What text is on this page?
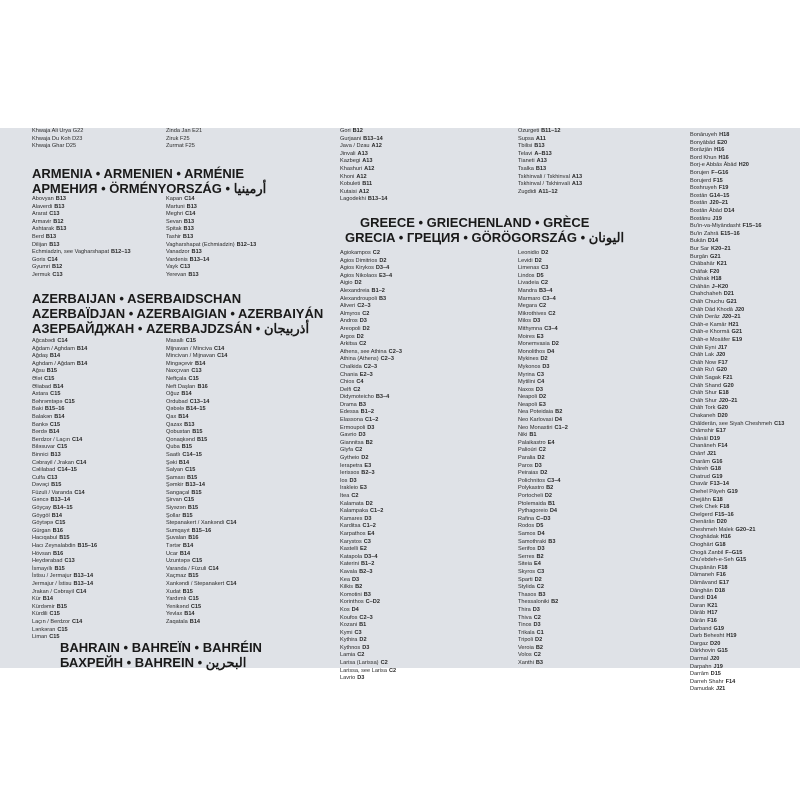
Khwaja Ali Urya G22
Khwaja Du Koh D23
Khwaja Ghar D25
Zinda Jan E21
Ziruk F25
Zurmat F25
ARMENIA • ARMENIEN • ARMÉNIE
АРМЕНИЯ • ÖRMÉNYORSZÁG • أرمينيا
Abovyan B13
Alaverdi B13
Ararat C13
Armavir B12
Ashtarak B13
Berd B13
Dilijan B13
Echmiadzin, see Vagharshapat B12–13
Goris C14
Gyumri B12
Jermuk C13
Kapan C14
Martuni B13
Meghri C14
Sevan B13
Spitak B13
Tashir B13
Vagharshapat (Echmiadzin) B12–13
Vanadzor B13
Vardenis B13–14
Vayk C13
Yerevan B13
AZERBAIJAN • ASERBAIDSCHAN
AZERBAÏDJAN • AZERBAIGIAN • AZERBAIYÁN
АЗЕРБАЙДЖАН • AZERBAJDZSÁN • أذربيجان
Ağcabədi C14
Ağdam / Aghdam B14
Ağdaş B14
Aghdam / Ağdam B14
Ağsu B15
Ələt C15
Əliabad B14
Astara C15
Bəhrəmtəpə C15
Baki B15–16
Balakən B14
Bankə C15
Bərdə B14
Berdzor / Laçın C14
Biləsuvar C15
Binnici B13
Cəbrayil / Jrakan C14
Cəlilabad C14–15
Culfa C13
Dəvəçi B15
Füzuli / Varanda C14
Gəncə B13–14
Göyçay B14–15
Göygöl B14
Göytəpə C15
Gürgan B16
Hacıqabul B15
Hacı Zeynalabdin B15–16
Hövsan B16
Heydərabad C13
İsmayıllı B15
İstisu / Jermajur B13–14
Jermajur / İstisu B13–14
Jrakan / Cəbrayil C14
Kür B14
Kürdəmir B15
Kürdili C15
Laçın / Berdzor C14
Lənkəran C15
Liman C15
Masallı C15
Mijnavan / Minciva C14
Mincivan / Mijnavan C14
Mingəçevir B14
Naxçıvan C13
Neftçala C15
Neft Daşları B16
Oğuz B14
Ordubad C13–14
Qəbələ B14–15
Qax B14
Qazax B13
Qobustan B15
Qonaqkənd B15
Quba B15
Saatlı C14–15
Şəki B14
Salyan C15
Şamaxı B15
Şəmkir B13–14
Sangaçal B15
Şirvan C15
Siyəzən B15
Şollar B15
Stepanakert / Xankəndi C14
Sumqayıt B15–16
Şuvalan B16
Tərtər B14
Ucar B14
Uzuntəpə C15
Varanda / Füzuli C14
Xaçmaz B15
Xankəndi / Stepanakert C14
Xudat B15
Yardımlı C15
Yenikənd C15
Yevlax B14
Zaqatala B14
BAHRAIN • BAHREÏN • BAHRÉIN
БАХРЕЙН • BAHREIN • البحرين
Gori B12
Gurjaani B13–14
Java / Dzau A12
Jinvali A13
Kazbegi A13
Khashuri A12
Khoni A12
Kobuleti B11
Kutaisi A12
Lagodekhi B13–14
Ozurgeti B11–12
Supsa A11
Tbilisi B13
Telavi A–B13
Tianeti A13
Tsalka B13
Tskhinvali / Tskhinval A13
Tskhinval / Tskhinvali A13
Zugdidi A11–12
GREECE • GRIECHENLAND • GRÈCE
GRECIA • ГРЕЦИЯ • GÖRÖGORSZÁG • اليونان
Agiokampos C2
Agios Dimitrios D2
Agios Kirykos D3–4
Agios Nikolaos E3–4
Aigio D2
Alexandreia B1–2
Alexandroupoli B3
Aliveri C2–3
Almyros C2
Andros D3
Areopoli D2
Argos D2
Arkitsa C2
Athens, see Athina C2–3
Athina (Athens) C2–3
Chalkida C2–3
Chania E2–3
Chios C4
Delfi C2
Didymoteicho B3–4
Drama B3
Edessa B1–2
Elassona C1–2
Ermoupoli D3
Gavrio D3
Giannitsa B2
Glyfa C2
Gytheio D2
Ierapetra E3
Ierissos B2–3
Ios D3
Irakleio E3
Itea C2
Kalamata D2
Kalampaka C1–2
Kamares D3
Karditsa C1–2
Karpathos E4
Karystos C3
Kastelli E2
Katapola D3–4
Katerini B1–2
Kavala B2–3
Kea D3
Kilkis B2
Komotini B3
Korinthos C–D2
Kos D4
Koufos C2–3
Kozani B1
Kymi C3
Kythira D2
Kythnos D3
Lamia C2
Larisa (Larissa) C2
Larissa, see Larisa C2
Lavrio D3
Leonidio D2
Levidi D2
Limenas C3
Lindos D5
Livadeia C2
Mandra B3–4
Marmaro C3–4
Megara C2
Mikrothives C2
Milos D3
Mithymna C3–4
Moires E3
Monemvasia D2
Monolithos D4
Mykines D2
Mykonos D3
Myrina C3
Mytilini C4
Naxos D3
Neapoli D2
Neapoli E3
Nea Poteidaia B2
Neo Karlovasi D4
Neo Monastiri C1–2
Niki B1
Palaikastro E4
Palioúri C2
Paralia D2
Paros D3
Peiraias D2
Polichnitos C3–4
Polykastro B2
Portocheli D2
Ptolemaida B1
Pythagoreio D4
Rafina C–D3
Rodos D5
Samos D4
Samothraki B3
Serifos D3
Serres B2
Siteia E4
Skyros C3
Sparti D2
Stylida C2
Thasos B3
Thessaloniki B2
Thira D3
Thiva C2
Tinos D3
Trikala C1
Tripoli D2
Veroia B2
Volos C2
Xanthi B3
Bonāruyeh H18
Bonyābād E20
Borāzjān H16
Bord Khun H16
Borj-e Abbās Ābād H20
Borujen F–G16
Borujerd F15
Boshruyeh F19
Bostān G14–15
Bostān J20–21
Bostān Ābād D14
Bostānu J19
Bu'in-va-Miyāndasht F15–16
Bu'in Zahrā E15–16
Bukān D14
Bur Sar K20–21
Burgān G21
Chābahār K21
Chāfak F20
Chāhak H18
Chāhān J–K20
Chahchaheh D21
Chāh Chuchu G21
Chāh Dād Khodā J20
Chāh Derāz J20–21
Chāh-e Kamār H21
Chāh-e Khormā G21
Chāh-e Mosāfer E19
Chāh Eyni J17
Chāh Lak J20
Chāh Now F17
Chāh Ru'i G20
Chāh Sagak F21
Chāh Shand G20
Chāh Shur E18
Chāh Shur J20–21
Chāh Tork G20
Chakaneh D20
Chālderān, see Siyah Cheshmeh C13
Chāmshir E17
Chānāl D19
Chanāneh F14
Chānf J21
Charām G16
Chāreh G18
Chatrud G19
Chavār F13–14
Chehel Pāyeh G19
Chejāhn E18
Chek Chek F18
Chelgerd F15–16
Chenārān D20
Cheshmeh Malek G20–21
Choghādak H16
Choghārt G18
Chogā Zanbil F–G15
Chu'ebdeh-e-Seh G15
Chupānān F18
Dāmaneh F16
Dāmāvand E17
Dānghān D18
Dandi D14
Daran K21
Dārāb H17
Dārān F16
Darband G19
Darb Behesht H19
Dargaz D20
Dārkhovin G15
Darmal J20
Darpahn J19
Darrām D15
Darreh Shahr F14
Damudak J21
